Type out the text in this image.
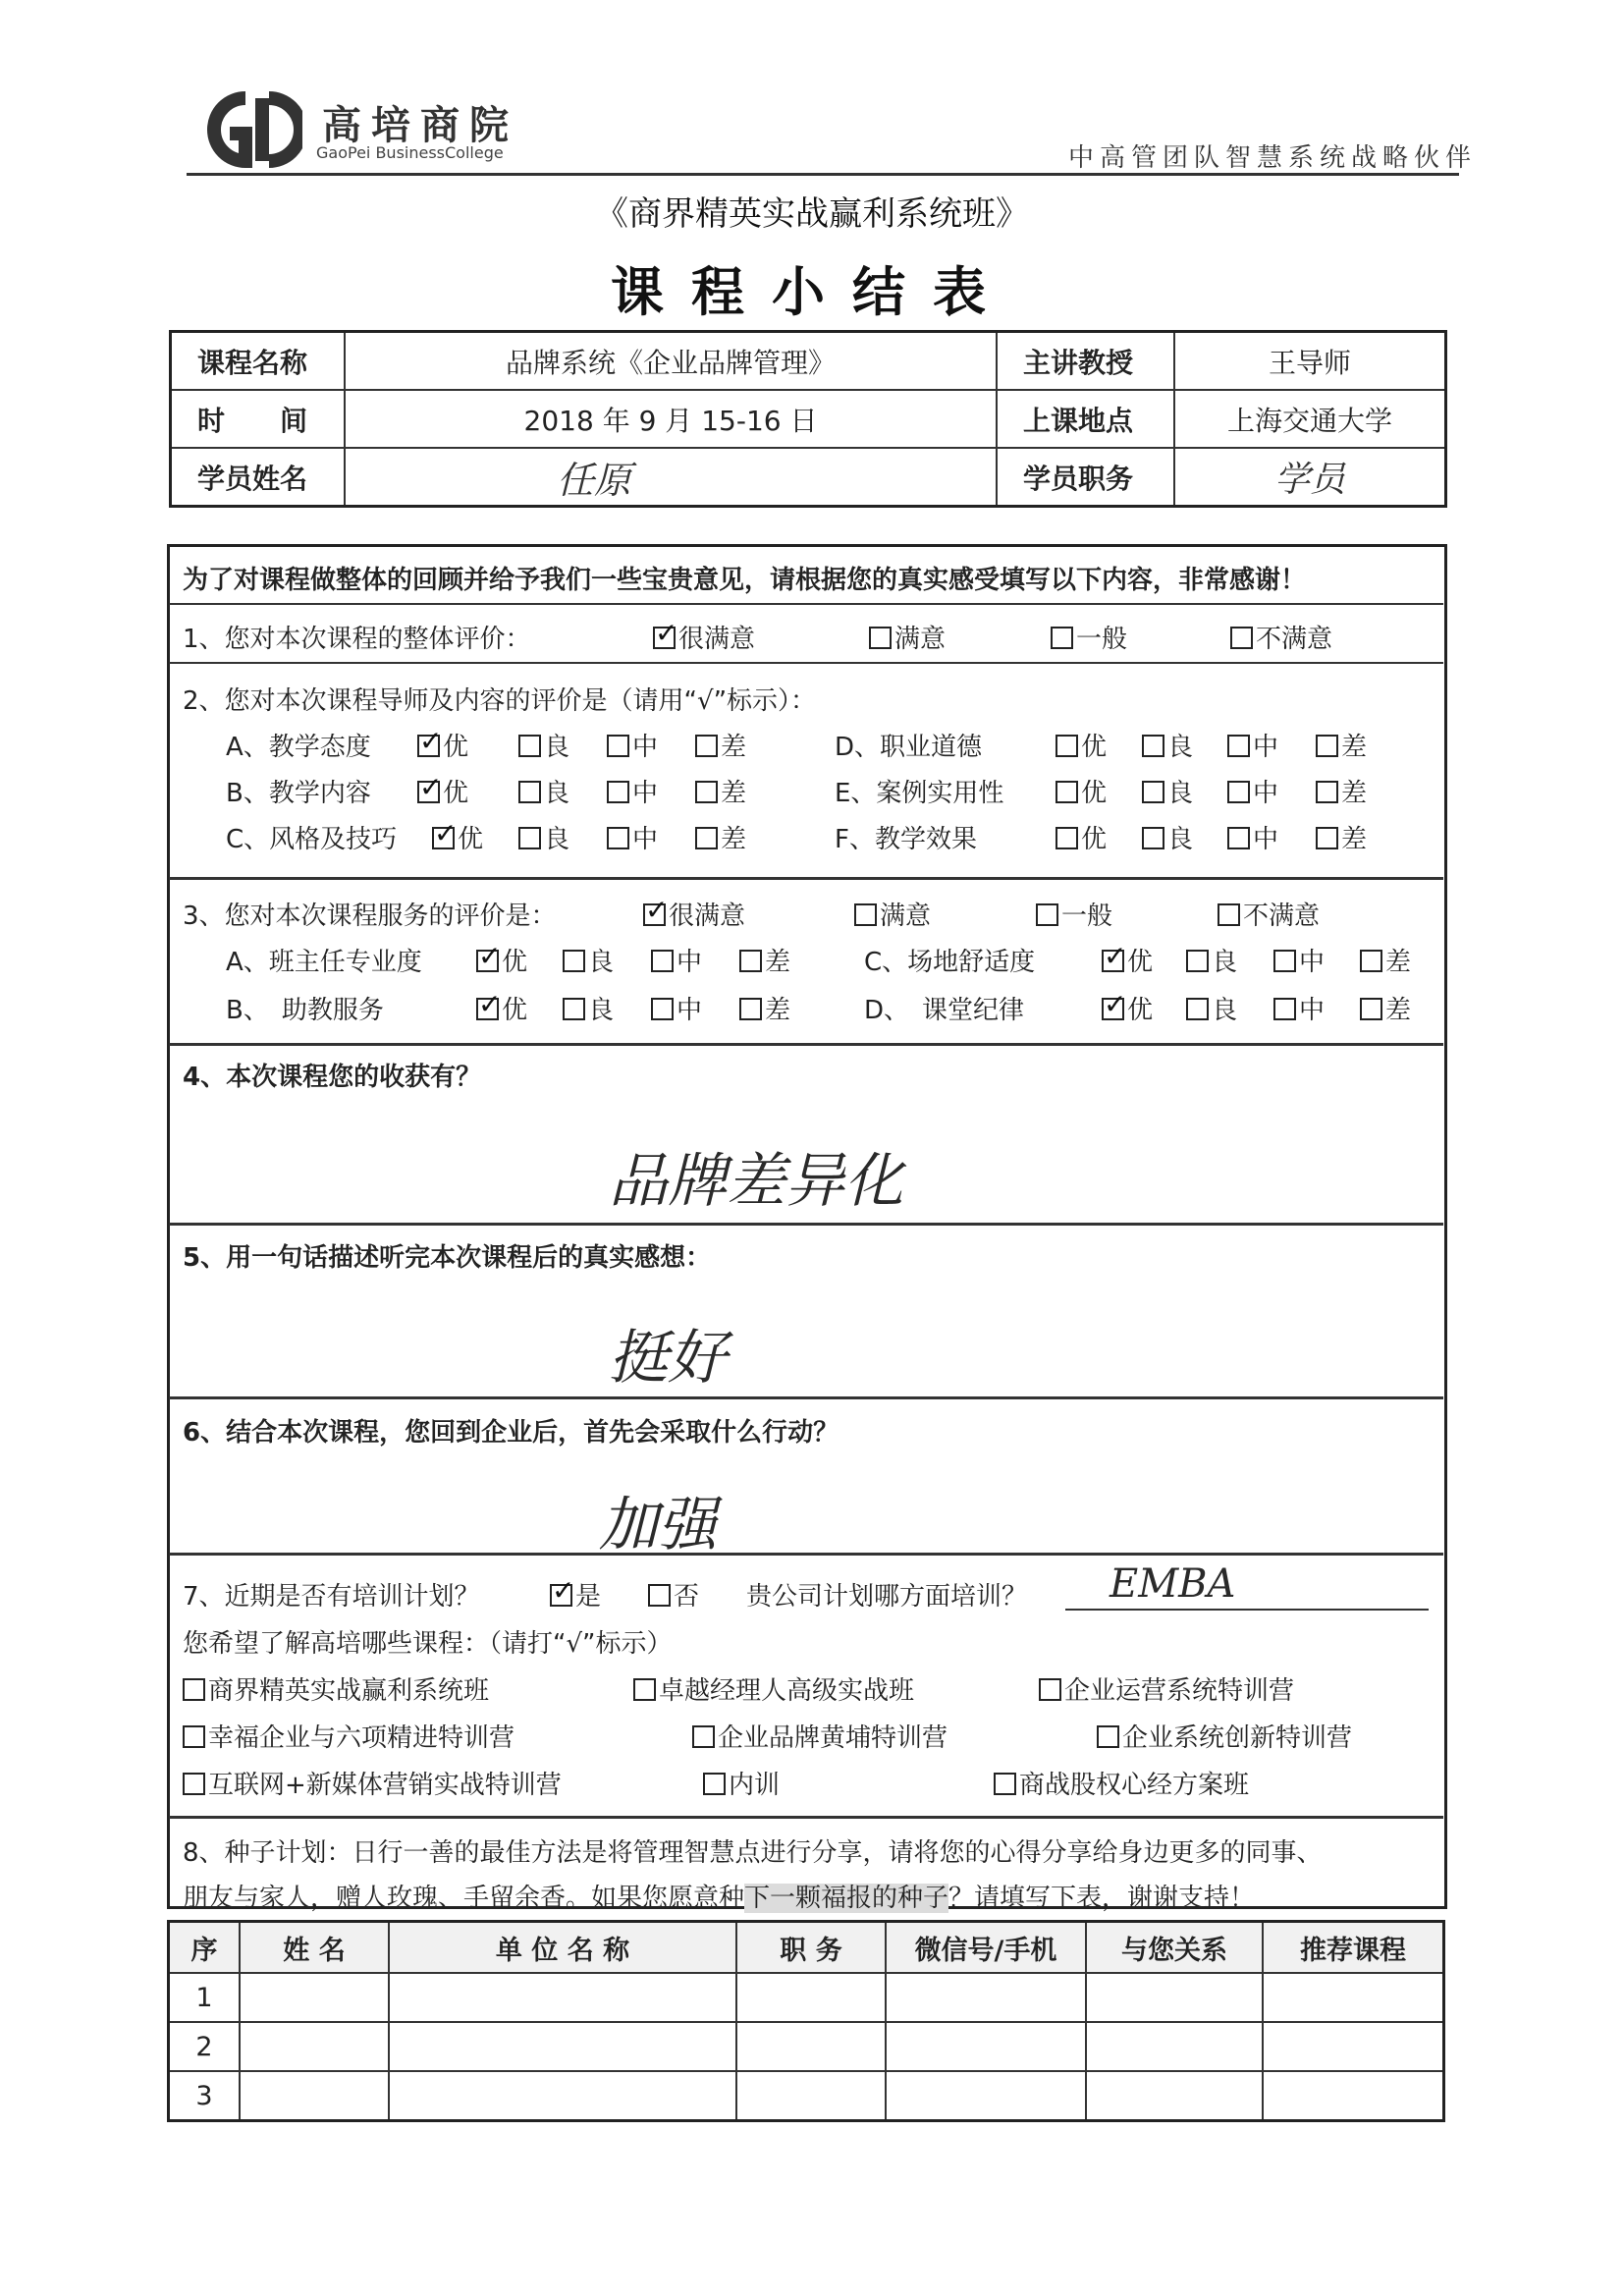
高培商院
GaoPei BusinessCollege	中高管团队智慧系统战略伙伴
《商界精英实战赢利系统班》
课程小结表
课程名称	品牌系统《企业品牌管理》	主讲教授	王导师
时　　间	2018 年 9 月 15-16 日	上课地点	上海交通大学
学员姓名	任原	学员职务	学员
为了对课程做整体的回顾并给予我们一些宝贵意见，请根据您的真实感受填写以下内容，非常感谢！
1、您对本次课程的整体评价： ✓	很满意	满意	一般	不满意
2、您对本次课程导师及内容的评价是（请用“√”标示）：
A、教学态度 ✓	优	良	中	差	D、职业道德	优	良	中	差
B、教学内容 ✓	优	良	中	差	E、案例实用性	优	良	中	差
C、风格及技巧 ✓	优	良	中	差	F、教学效果	优	良	中	差
3、您对本次课程服务的评价是： ✓	很满意	满意	一般	不满意
A、班主任专业度 ✓	优	良	中	差	C、场地舒适度 ✓	优	良	中	差
B、　助教服务 ✓	优	良	中	差	D、　课堂纪律 ✓	优	良	中	差
4、本次课程您的收获有？
品牌差异化
5、用一句话描述听完本次课程后的真实感想：
挺好
6、结合本次课程，您回到企业后，首先会采取什么行动？
加强
7、近期是否有培训计划？ ✓	是	否 贵公司计划哪方面培训？ EMBA
您希望了解高培哪些课程：（请打“√”标示）
商界精英实战赢利系统班	卓越经理人高级实战班	企业运营系统特训营
幸福企业与六项精进特训营	企业品牌黄埔特训营	企业系统创新特训营
互联网+新媒体营销实战特训营	内训	商战股权心经方案班
8、种子计划：日行一善的最佳方法是将管理智慧点进行分享，请将您的心得分享给身边更多的同事、
朋友与家人，赠人玫瑰、手留余香。如果您愿意种下一颗福报的种子？请填写下表，谢谢支持！
序	姓 名	单 位 名 称	职 务	微信号/手机	与您关系	推荐课程
1						
2						
3						
